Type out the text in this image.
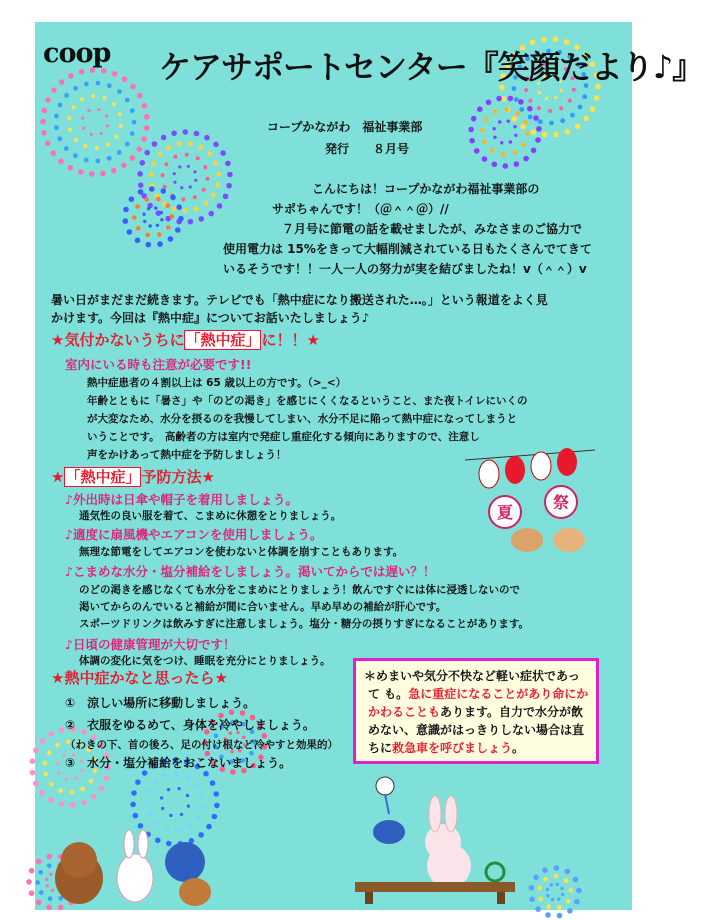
coop ケアサポートセンター『笑顔だより♪』
コープかながわ　福祉事業部
発行　　８月号
こんにちは！コープかながわ福祉事業部の
サポちゃんです！（＠＾＾＠）//
７月号に節電の話を載せましたが、みなさまのご協力で
使用電力は 15%をきって大幅削減されている日もたくさんでてきて
いるそうです！！一人一人の努力が実を結びましたね！v（＾＾）v
暑い日がまだまだ続きます。テレビでも「熱中症になり搬送された…。」という報道をよく見
かけます。今回は『熱中症』についてお話いたしましょう♪
★気付かないうちに「熱中症」に！！★
室内にいる時も注意が必要です!!
熱中症患者の４割以上は 65 歳以上の方です。（>_<）
年齢とともに「暑さ」や「のどの渇き」を感じにくくなるということ、また夜トイレにいくの
が大変なため、水分を摂るのを我慢してしまい、水分不足に陥って熱中症になってしまうと
いうことです。　高齢者の方は室内で発症し重症化する傾向にありますので、注意し
声をかけあって熱中症を予防しましょう！
★「熱中症」予防方法★
♪外出時は日傘や帽子を着用しましょう。
通気性の良い服を着て、こまめに休憩をとりましょう。
♪適度に扇風機やエアコンを使用しましょう。
無理な節電をしてエアコンを使わないと体調を崩すこともあります。
♪こまめな水分・塩分補給をしましょう。渇いてからでは遅い？！
のどの渇きを感じなくても水分をこまめにとりましょう！飲んですぐには体に浸透しないので
渇いてからのんでいると補給が間に合いません。早め早めの補給が肝心です。
スポーツドリンクは飲みすぎに注意しましょう。塩分・糖分の摂りすぎになることがあります。
♪日頃の健康管理が大切です！
体調の変化に気をつけ、睡眠を充分にとりましょう。
夏
祭
★熱中症かなと思ったら★
①　涼しい場所に移動しましょう。
②　衣服をゆるめて、身体を冷やしましょう。
（わきの下、首の後ろ、足の付け根など冷やすと効果的）
③　水分・塩分補給をおこないましょう。
＊めまいや気分不快など軽い症状であっ
て も。急に重症になることがあり命にか
かわることもあります。自力で水分が飲
めない、意識がはっきりしない場合は直
ちに救急車を呼びましょう。
